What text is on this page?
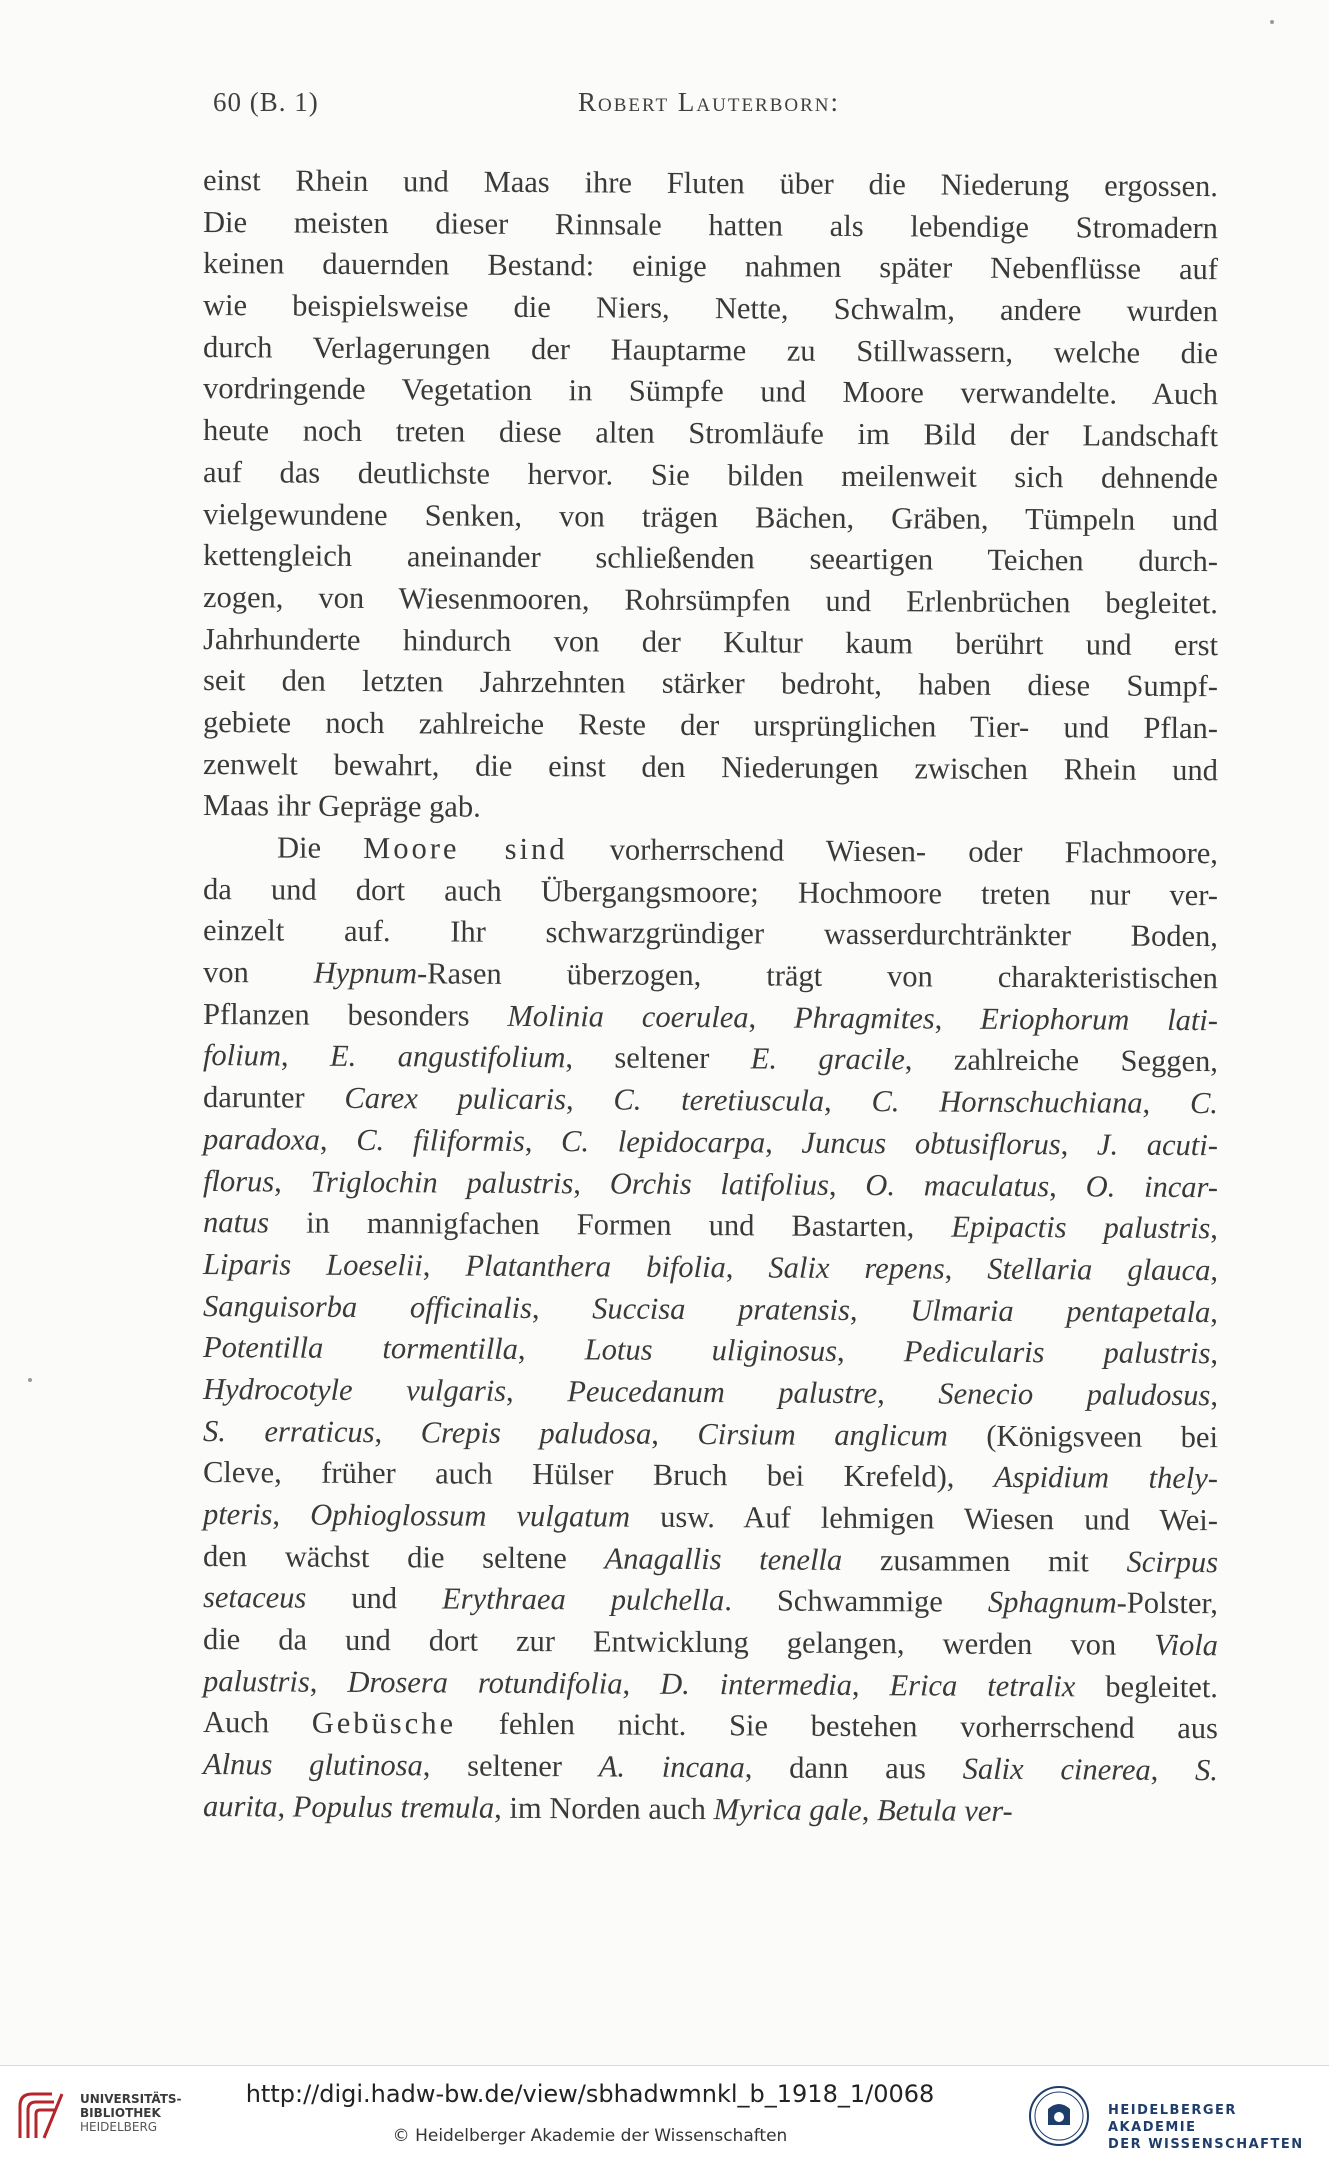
60 (B. 1)	Robert Lauterborn:
einst Rhein und Maas ihre Fluten über die Niederung ergossen.
Die meisten dieser Rinnsale hatten als lebendige Stromadern
keinen dauernden Bestand: einige nahmen später Nebenflüsse auf
wie beispielsweise die Niers, Nette, Schwalm, andere wurden
durch Verlagerungen der Hauptarme zu Stillwassern, welche die
vordringende Vegetation in Sümpfe und Moore verwandelte. Auch
heute noch treten diese alten Stromläufe im Bild der Landschaft
auf das deutlichste hervor. Sie bilden meilenweit sich dehnende
vielgewundene Senken, von trägen Bächen, Gräben, Tümpeln und
kettengleich aneinander schließenden seeartigen Teichen durch-
zogen, von Wiesenmooren, Rohrsümpfen und Erlenbrüchen begleitet.
Jahrhunderte hindurch von der Kultur kaum berührt und erst
seit den letzten Jahrzehnten stärker bedroht, haben diese Sumpf-
gebiete noch zahlreiche Reste der ursprünglichen Tier- und Pflan-
zenwelt bewahrt, die einst den Niederungen zwischen Rhein und
Maas ihr Gepräge gab.
Die Moore sind vorherrschend Wiesen- oder Flachmoore,
da und dort auch Übergangsmoore; Hochmoore treten nur ver-
einzelt auf. Ihr schwarzgründiger wasserdurchtränkter Boden,
von Hypnum-Rasen überzogen, trägt von charakteristischen
Pflanzen besonders Molinia coerulea, Phragmites, Eriophorum lati-
folium, E. angustifolium, seltener E. gracile, zahlreiche Seggen,
darunter Carex pulicaris, C. teretiuscula, C. Hornschuchiana, C.
paradoxa, C. filiformis, C. lepidocarpa, Juncus obtusiflorus, J. acuti-
florus, Triglochin palustris, Orchis latifolius, O. maculatus, O. incar-
natus in mannigfachen Formen und Bastarten, Epipactis palustris,
Liparis Loeselii, Platanthera bifolia, Salix repens, Stellaria glauca,
Sanguisorba officinalis, Succisa pratensis, Ulmaria pentapetala,
Potentilla tormentilla, Lotus uliginosus, Pedicularis palustris,
Hydrocotyle vulgaris, Peucedanum palustre, Senecio paludosus,
S. erraticus, Crepis paludosa, Cirsium anglicum (Königsveen bei
Cleve, früher auch Hülser Bruch bei Krefeld), Aspidium thely-
pteris, Ophioglossum vulgatum usw. Auf lehmigen Wiesen und Wei-
den wächst die seltene Anagallis tenella zusammen mit Scirpus
setaceus und Erythraea pulchella. Schwammige Sphagnum-Polster,
die da und dort zur Entwicklung gelangen, werden von Viola
palustris, Drosera rotundifolia, D. intermedia, Erica tetralix begleitet.
Auch Gebüsche fehlen nicht. Sie bestehen vorherrschend aus
Alnus glutinosa, seltener A. incana, dann aus Salix cinerea, S.
aurita, Populus tremula, im Norden auch Myrica gale, Betula ver-
UNIVERSITÄTS-
BIBLIOTHEK
HEIDELBERG
http://digi.hadw-bw.de/view/sbhadwmnkl_b_1918_1/0068
© Heidelberger Akademie der Wissenschaften
HEIDELBERGER AKADEMIE
DER WISSENSCHAFTEN
